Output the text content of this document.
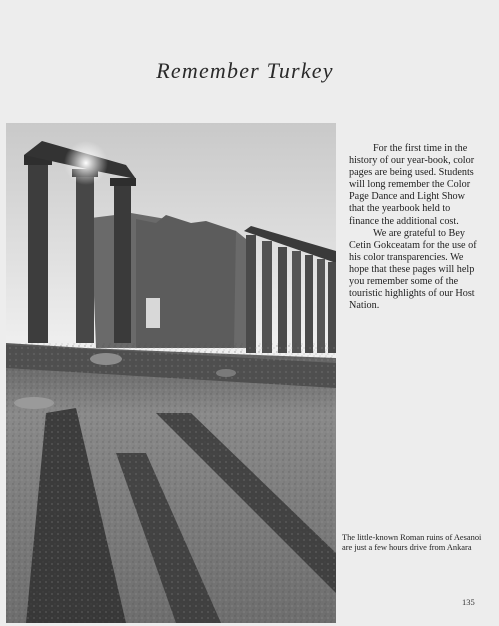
Remember Turkey

For the first time in the history of our year-book, color pages are being used. Students will long remember the Color Page Dance and Light Show that the yearbook held to finance the additional cost.

We are grateful to Bey Cetin Gokceatam for the use of his color transparencies. We hope that these pages will help you remember some of the touristic highlights of our Host Nation.

The little-known Roman ruins of Aesanoi are just a few hours drive from Ankara
135
